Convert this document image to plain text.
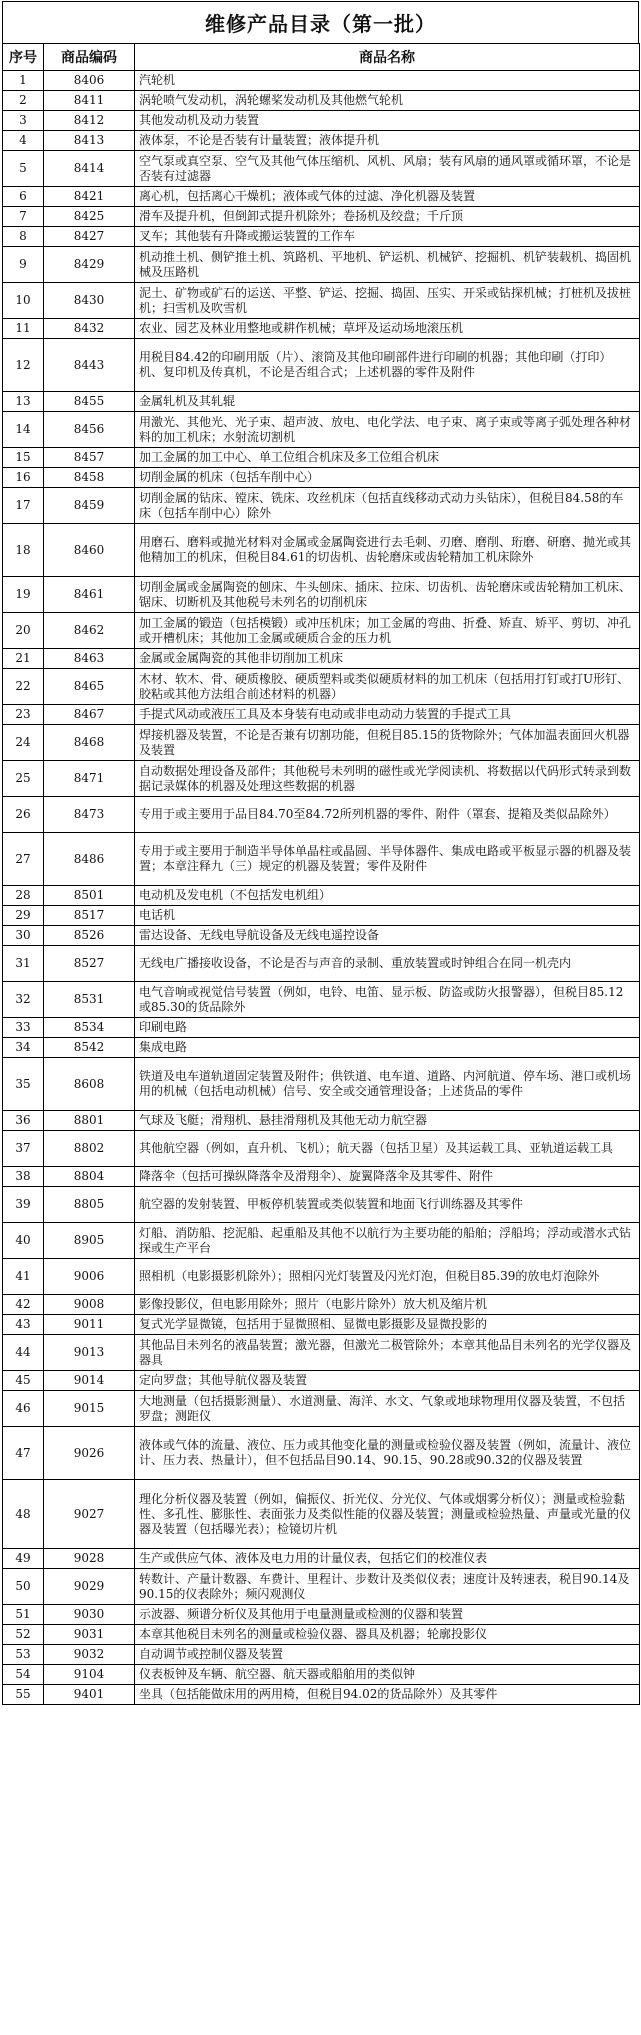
维修产品目录（第一批）
序号	商品编码	商品名称
1	8406	汽轮机
2	8411	涡轮喷气发动机，涡轮螺桨发动机及其他燃气轮机
3	8412	其他发动机及动力装置
4	8413	液体泵，不论是否装有计量装置；液体提升机
5	8414	空气泵或真空泵、空气及其他气体压缩机、风机、风扇；装有风扇的通风罩或循环罩，不论是否装有过滤器
6	8421	离心机，包括离心干燥机；液体或气体的过滤、净化机器及装置
7	8425	滑车及提升机，但倒卸式提升机除外；卷扬机及绞盘；千斤顶
8	8427	叉车；其他装有升降或搬运装置的工作车
9	8429	机动推土机、侧铲推土机、筑路机、平地机、铲运机、机械铲、挖掘机、机铲装载机、捣固机械及压路机
10	8430	泥土、矿物或矿石的运送、平整、铲运、挖掘、捣固、压实、开采或钻探机械；打桩机及拔桩机；扫雪机及吹雪机
11	8432	农业、园艺及林业用整地或耕作机械；草坪及运动场地滚压机
12	8443	用税目84.42的印刷用版（片）、滚筒及其他印刷部件进行印刷的机器；其他印刷（打印）机、复印机及传真机，不论是否组合式；上述机器的零件及附件
13	8455	金属轧机及其轧辊
14	8456	用激光、其他光、光子束、超声波、放电、电化学法、电子束、离子束或等离子弧处理各种材料的加工机床；水射流切割机
15	8457	加工金属的加工中心、单工位组合机床及多工位组合机床
16	8458	切削金属的机床（包括车削中心）
17	8459	切削金属的钻床、镗床、铣床、攻丝机床（包括直线移动式动力头钻床），但税目84.58的车床（包括车削中心）除外
18	8460	用磨石、磨料或抛光材料对金属或金属陶瓷进行去毛刺、刃磨、磨削、珩磨、研磨、抛光或其他精加工的机床，但税目84.61的切齿机、齿轮磨床或齿轮精加工机床除外
19	8461	切削金属或金属陶瓷的刨床、牛头刨床、插床、拉床、切齿机、齿轮磨床或齿轮精加工机床、锯床、切断机及其他税号未列名的切削机床
20	8462	加工金属的锻造（包括模锻）或冲压机床；加工金属的弯曲、折叠、矫直、矫平、剪切、冲孔或开槽机床；其他加工金属或硬质合金的压力机
21	8463	金属或金属陶瓷的其他非切削加工机床
22	8465	木材、软木、骨、硬质橡胶、硬质塑料或类似硬质材料的加工机床（包括用打钉或打U形钉、胶粘或其他方法组合前述材料的机器）
23	8467	手提式风动或液压工具及本身装有电动或非电动动力装置的手提式工具
24	8468	焊接机器及装置，不论是否兼有切割功能，但税目85.15的货物除外；气体加温表面回火机器及装置
25	8471	自动数据处理设备及部件；其他税号未列明的磁性或光学阅读机、将数据以代码形式转录到数据记录媒体的机器及处理这些数据的机器
26	8473	专用于或主要用于品目84.70至84.72所列机器的零件、附件（罩套、提箱及类似品除外）
27	8486	专用于或主要用于制造半导体单晶柱或晶圆、半导体器件、集成电路或平板显示器的机器及装置；本章注释九（三）规定的机器及装置；零件及附件
28	8501	电动机及发电机（不包括发电机组）
29	8517	电话机
30	8526	雷达设备、无线电导航设备及无线电遥控设备
31	8527	无线电广播接收设备，不论是否与声音的录制、重放装置或时钟组合在同一机壳内
32	8531	电气音响或视觉信号装置（例如，电铃、电笛、显示板、防盗或防火报警器），但税目85.12或85.30的货品除外
33	8534	印刷电路
34	8542	集成电路
35	8608	铁道及电车道轨道固定装置及附件；供铁道、电车道、道路、内河航道、停车场、港口或机场用的机械（包括电动机械）信号、安全或交通管理设备；上述货品的零件
36	8801	气球及飞艇；滑翔机、悬挂滑翔机及其他无动力航空器
37	8802	其他航空器（例如，直升机、飞机）；航天器（包括卫星）及其运载工具、亚轨道运载工具
38	8804	降落伞（包括可操纵降落伞及滑翔伞）、旋翼降落伞及其零件、附件
39	8805	航空器的发射装置、甲板停机装置或类似装置和地面飞行训练器及其零件
40	8905	灯船、消防船、挖泥船、起重船及其他不以航行为主要功能的船舶；浮船坞；浮动或潜水式钻探或生产平台
41	9006	照相机（电影摄影机除外）；照相闪光灯装置及闪光灯泡，但税目85.39的放电灯泡除外
42	9008	影像投影仪，但电影用除外；照片（电影片除外）放大机及缩片机
43	9011	复式光学显微镜，包括用于显微照相、显微电影摄影及显微投影的
44	9013	其他品目未列名的液晶装置；激光器，但激光二极管除外；本章其他品目未列名的光学仪器及器具
45	9014	定向罗盘；其他导航仪器及装置
46	9015	大地测量（包括摄影测量）、水道测量、海洋、水文、气象或地球物理用仪器及装置，不包括罗盘；测距仪
47	9026	液体或气体的流量、液位、压力或其他变化量的测量或检验仪器及装置（例如，流量计、液位计、压力表、热量计），但不包括品目90.14、90.15、90.28或90.32的仪器及装置
48	9027	理化分析仪器及装置（例如，偏振仪、折光仪、分光仪、气体或烟雾分析仪）；测量或检验黏性、多孔性、膨胀性、表面张力及类似性能的仪器及装置；测量或检验热量、声量或光量的仪器及装置（包括曝光表）；检镜切片机
49	9028	生产或供应气体、液体及电力用的计量仪表，包括它们的校准仪表
50	9029	转数计、产量计数器、车费计、里程计、步数计及类似仪表；速度计及转速表，税目90.14及90.15的仪表除外；频闪观测仪
51	9030	示波器、频谱分析仪及其他用于电量测量或检测的仪器和装置
52	9031	本章其他税目未列名的测量或检验仪器、器具及机器；轮廓投影仪
53	9032	自动调节或控制仪器及装置
54	9104	仪表板钟及车辆、航空器、航天器或船舶用的类似钟
55	9401	坐具（包括能做床用的两用椅，但税目94.02的货品除外）及其零件
